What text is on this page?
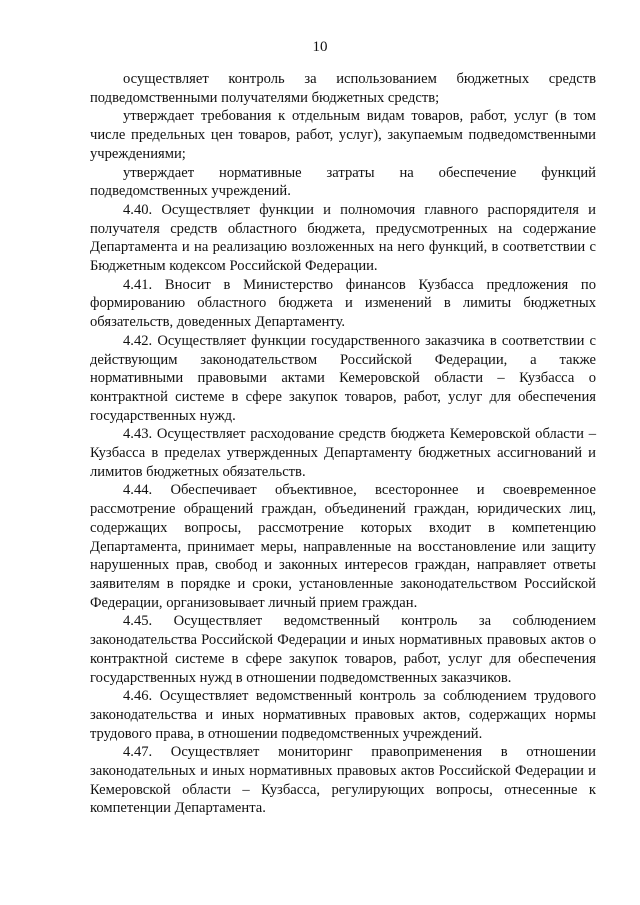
10

осуществляет контроль за использованием бюджетных средств подведомственными получателями бюджетных средств;

утверждает требования к отдельным видам товаров, работ, услуг (в том числе предельных цен товаров, работ, услуг), закупаемым подведомственными учреждениями;

утверждает нормативные затраты на обеспечение функций подведомственных учреждений.

4.40. Осуществляет функции и полномочия главного распорядителя и получателя средств областного бюджета, предусмотренных на содержание Департамента и на реализацию возложенных на него функций, в соответствии с Бюджетным кодексом Российской Федерации.

4.41. Вносит в Министерство финансов Кузбасса предложения по формированию областного бюджета и изменений в лимиты бюджетных обязательств, доведенных Департаменту.

4.42. Осуществляет функции государственного заказчика в соответствии с действующим законодательством Российской Федерации, а также нормативными правовыми актами Кемеровской области – Кузбасса о контрактной системе в сфере закупок товаров, работ, услуг для обеспечения государственных нужд.

4.43. Осуществляет расходование средств бюджета Кемеровской области – Кузбасса в пределах утвержденных Департаменту бюджетных ассигнований и лимитов бюджетных обязательств.

4.44. Обеспечивает объективное, всестороннее и своевременное рассмотрение обращений граждан, объединений граждан, юридических лиц, содержащих вопросы, рассмотрение которых входит в компетенцию Департамента, принимает меры, направленные на восстановление или защиту нарушенных прав, свобод и законных интересов граждан, направляет ответы заявителям в порядке и сроки, установленные законодательством Российской Федерации, организовывает личный прием граждан.

4.45. Осуществляет ведомственный контроль за соблюдением законодательства Российской Федерации и иных нормативных правовых актов о контрактной системе в сфере закупок товаров, работ, услуг для обеспечения государственных нужд в отношении подведомственных заказчиков.

4.46. Осуществляет ведомственный контроль за соблюдением трудового законодательства и иных нормативных правовых актов, содержащих нормы трудового права, в отношении подведомственных учреждений.

4.47. Осуществляет мониторинг правоприменения в отношении законодательных и иных нормативных правовых актов Российской Федерации и Кемеровской области – Кузбасса, регулирующих вопросы, отнесенные к компетенции Департамента.
